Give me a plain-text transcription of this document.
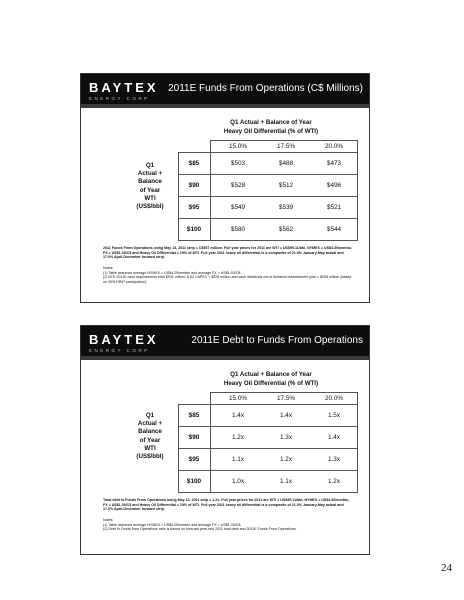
BAYTEX
ENERGY CORP
2011E Funds From Operations (C$ Millions)
Q1 Actual + Balance of Year
Heavy Oil Differential (% of WTI)
Q1
Actual +
Balance
of Year
WTI
(US$/bbl)
15.0%	17.5%	20.0%
$85	$503	$488	$473
$90	$528	$512	$496
$95	$549	$539	$521
$100	$580	$562	$544
2011 Funds From Operations using May 13, 2011 strip = C$557 million. Full year prices for 2011 are WTI = US$99.11/bbl, NYMEX = US$4.30/mmbtu, FX = US$1.03/C$ and Heavy Oil Differential = 19% of WTI. Full year 2011 heavy oil differential is a composite of 21.0% January-May actual and 17.0% April-December forward strip.
Notes:
(1) Table assumes average NYMEX = US$4.25/mmbtu and average FX = US$1.03/C$.
(2) BTE 2011E cash requirements total $531 million: $ 82 CAPEX + $325 million and cash dividends net of dividend reinvestment plan = $206 million (based on 25% DRIP participation).
BAYTEX
ENERGY CORP
2011E Debt to Funds From Operations
Q1 Actual + Balance of Year
Heavy Oil Differential (% of WTI)
Q1
Actual +
Balance
of Year
WTI
(US$/bbl)
15.0%	17.5%	20.0%
$85	1.4x	1.4x	1.5x
$90	1.2x	1.3x	1.4x
$95	1.1x	1.2x	1.3x
$100	1.0x	1.1x	1.2x
Total debt to Funds From Operations using May 13, 2011 strip = 1.2x. Full year prices for 2011 are WTI = US$99.11/bbl, NYMEX = US$4.30/mmbtu, FX = US$1.03/C$ and Heavy Oil Differential = 19% of WTI. Full year 2011 heavy oil differential is a composite of 21.0% January-May actual and 17.0% April-December forward strip.
Notes:
(1) Table assumes average NYMEX = US$4.25/mmbtu and average FX = US$1.03/C$.
(2) Debt to Funds from Operations ratio is based on forecast year-end 2011 total debt and 2011E Funds From Operations.
24
